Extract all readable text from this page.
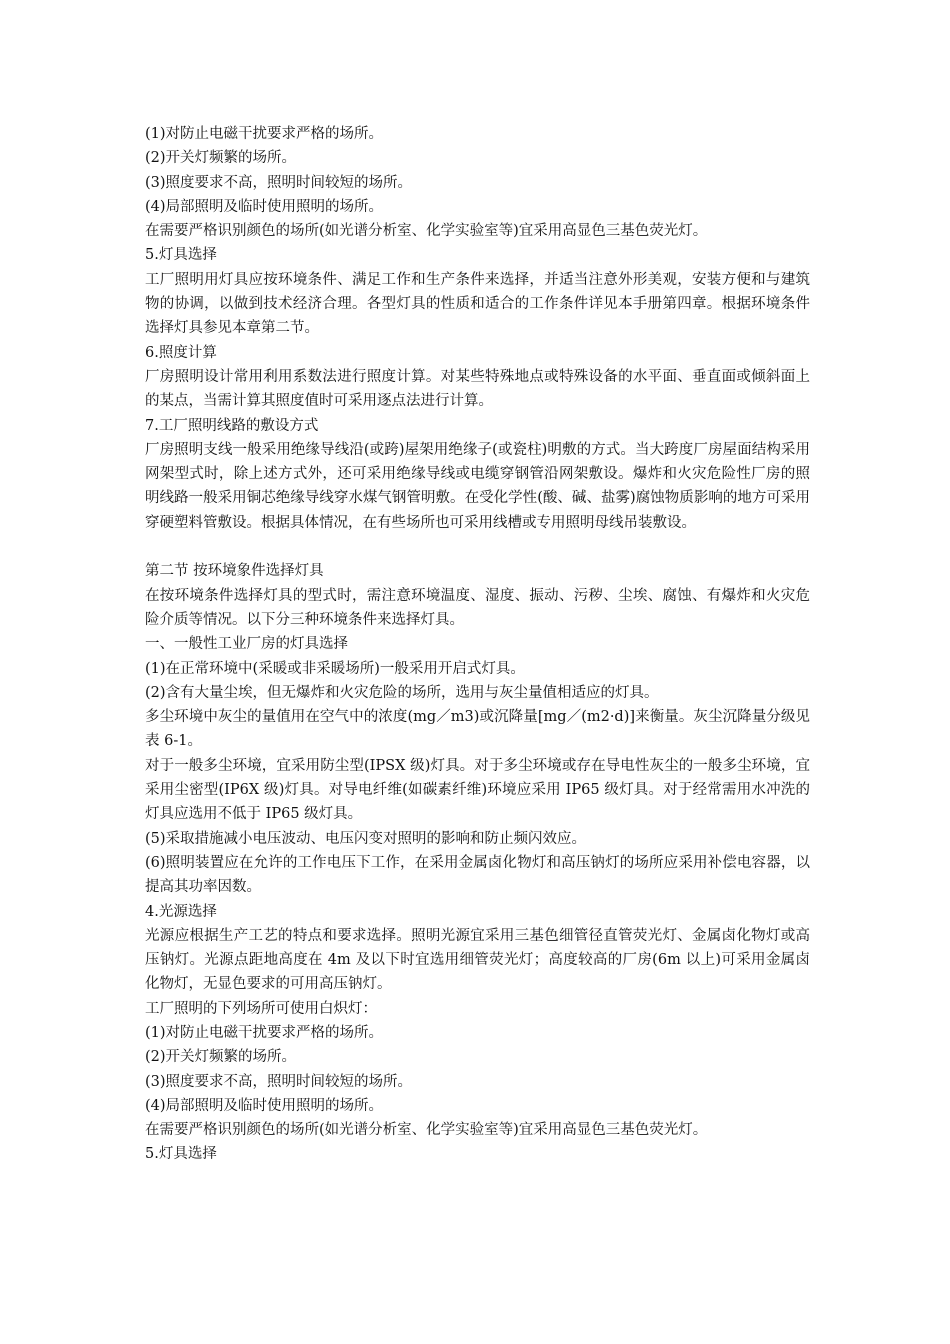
(1)对防止电磁干扰要求严格的场所。

(2)开关灯频繁的场所。

(3)照度要求不高，照明时间较短的场所。

(4)局部照明及临时使用照明的场所。

在需要严格识别颜色的场所(如光谱分析室、化学实验室等)宜采用高显色三基色荧光灯。

5.灯具选择

工厂照明用灯具应按环境条件、满足工作和生产条件来选择，并适当注意外形美观，安装方便和与建筑物的协调，以做到技术经济合理。各型灯具的性质和适合的工作条件详见本手册第四章。根据环境条件选择灯具参见本章第二节。

6.照度计算

厂房照明设计常用利用系数法进行照度计算。对某些特殊地点或特殊设备的水平面、垂直面或倾斜面上的某点，当需计算其照度值时可采用逐点法进行计算。

7.工厂照明线路的敷设方式

厂房照明支线一般采用绝缘导线沿(或跨)屋架用绝缘子(或瓷柱)明敷的方式。当大跨度厂房屋面结构采用网架型式时，除上述方式外，还可采用绝缘导线或电缆穿钢管沿网架敷设。爆炸和火灾危险性厂房的照明线路一般采用铜芯绝缘导线穿水煤气钢管明敷。在受化学性(酸、碱、盐雾)腐蚀物质影响的地方可采用穿硬塑料管敷设。根据具体情况，在有些场所也可采用线槽或专用照明母线吊装敷设。

第二节 按环境象件选择灯具

在按环境条件选择灯具的型式时，需注意环境温度、湿度、振动、污秽、尘埃、腐蚀、有爆炸和火灾危险介质等情况。以下分三种环境条件来选择灯具。

一、一般性工业厂房的灯具选择

(1)在正常环境中(采暖或非采暖场所)一般采用开启式灯具。

(2)含有大量尘埃，但无爆炸和火灾危险的场所，选用与灰尘量值相适应的灯具。

多尘环境中灰尘的量值用在空气中的浓度(mg／m3)或沉降量[mg／(m2·d)]来衡量。灰尘沉降量分级见表 6-1。

对于一般多尘环境，宜采用防尘型(IPSX 级)灯具。对于多尘环境或存在导电性灰尘的一般多尘环境，宜采用尘密型(IP6X 级)灯具。对导电纤维(如碳素纤维)环境应采用 IP65 级灯具。对于经常需用水冲洗的灯具应选用不低于 IP65 级灯具。

(5)采取措施减小电压波动、电压闪变对照明的影响和防止频闪效应。

(6)照明装置应在允许的工作电压下工作，在采用金属卤化物灯和高压钠灯的场所应采用补偿电容器，以提高其功率因数。

4.光源选择

光源应根据生产工艺的特点和要求选择。照明光源宜采用三基色细管径直管荧光灯、金属卤化物灯或高压钠灯。光源点距地高度在 4m 及以下时宜选用细管荧光灯；高度较高的厂房(6m 以上)可采用金属卤化物灯，无显色要求的可用高压钠灯。

工厂照明的下列场所可使用白炽灯：

(1)对防止电磁干扰要求严格的场所。

(2)开关灯频繁的场所。

(3)照度要求不高，照明时间较短的场所。

(4)局部照明及临时使用照明的场所。

在需要严格识别颜色的场所(如光谱分析室、化学实验室等)宜采用高显色三基色荧光灯。

5.灯具选择
